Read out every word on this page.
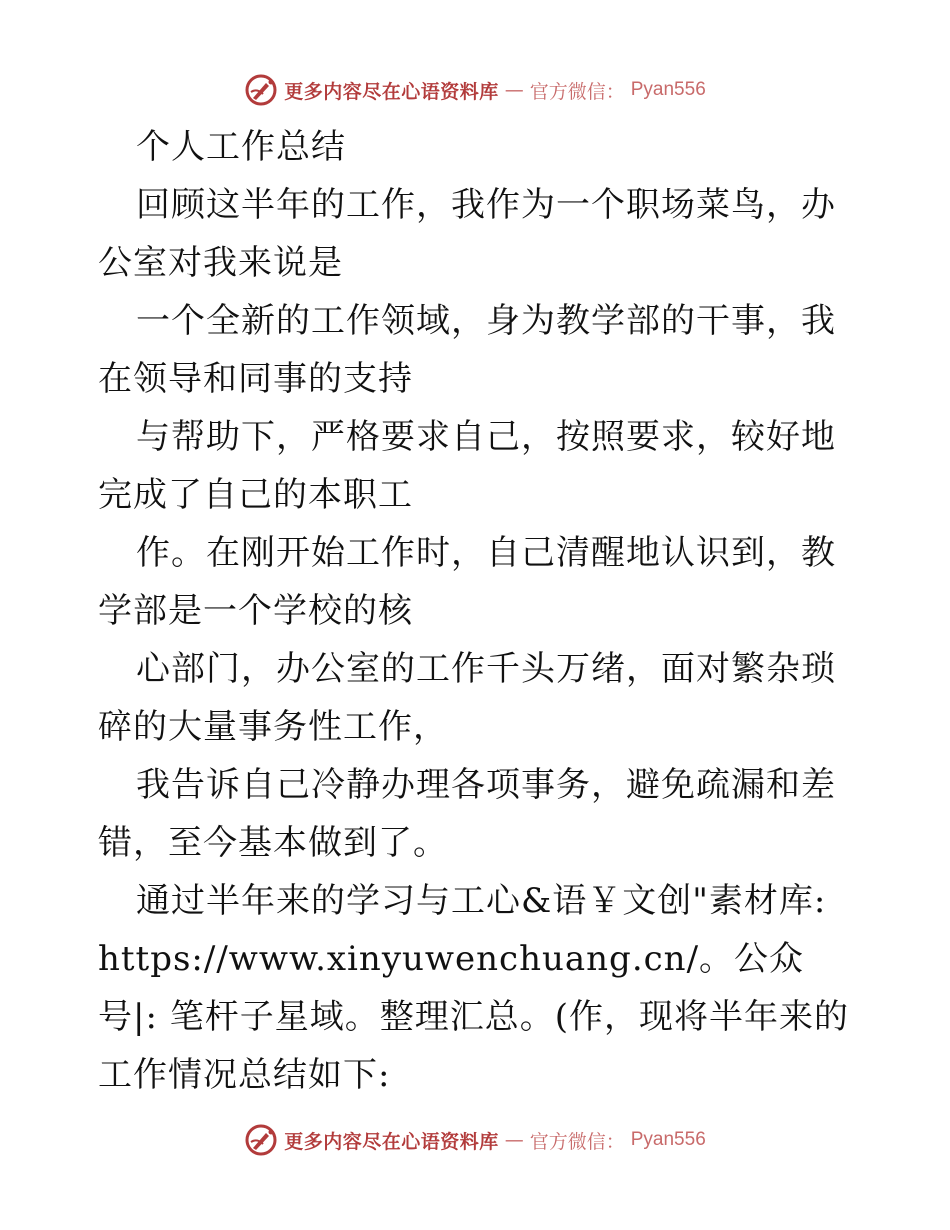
更多内容尽在心语资料库 — 官方微信： Pyan556

个人工作总结

回顾这半年的工作，我作为一个职场菜鸟，办公室对我来说是

一个全新的工作领域，身为教学部的干事，我在领导和同事的支持

与帮助下，严格要求自己，按照要求，较好地完成了自己的本职工

作。在刚开始工作时，自己清醒地认识到，教学部是一个学校的核

心部门，办公室的工作千头万绪，面对繁杂琐碎的大量事务性工作，

我告诉自己冷静办理各项事务，避免疏漏和差错，至今基本做到了。

通过半年来的学习与工心&语￥文创"素材库:

https://www.xinyuwenchuang.cn/。公众号|: 笔杆子星域。整理汇总。(作，现将半年来的工作情况总结如下:

更多内容尽在心语资料库 — 官方微信： Pyan556
